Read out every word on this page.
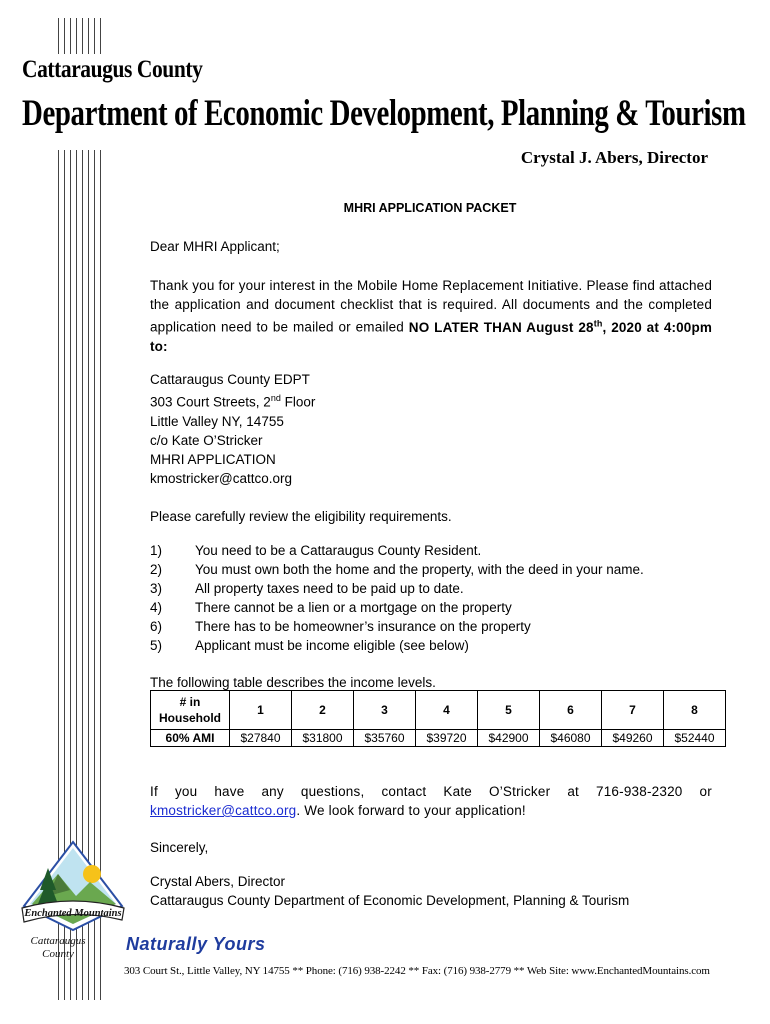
Cattaraugus County
Department of Economic Development, Planning & Tourism
Crystal J. Abers, Director
MHRI APPLICATION PACKET
Dear MHRI Applicant;
Thank you for your interest in the Mobile Home Replacement Initiative. Please find attached the application and document checklist that is required. All documents and the completed application need to be mailed or emailed NO LATER THAN August 28th, 2020 at 4:00pm to:
Cattaraugus County EDPT
303 Court Streets, 2nd Floor
Little Valley NY, 14755
c/o Kate O’Stricker
MHRI APPLICATION
kmostricker@cattco.org
Please carefully review the eligibility requirements.
1)	You need to be a Cattaraugus County Resident.
2)	You must own both the home and the property, with the deed in your name.
3)	All property taxes need to be paid up to date.
4)	There cannot be a lien or a mortgage on the property
6)	There has to be homeowner’s insurance on the property
5)	Applicant must be income eligible (see below)
The following table describes the income levels.
# in
Household	1	2	3	4	5	6	7	8
60% AMI	$27840	$31800	$35760	$39720	$42900	$46080	$49260	$52440
If you have any questions, contact Kate O’Stricker at 716-938-2320 or
kmostricker@cattco.org. We look forward to your application!
Sincerely,
Crystal Abers, Director
Cattaraugus County Department of Economic Development, Planning & Tourism
Enchanted Mountains
Cattaraugus
County	Naturally Yours
303 Court St., Little Valley, NY 14755 ** Phone: (716) 938-2242 ** Fax: (716) 938-2779 ** Web Site: www.EnchantedMountains.com
